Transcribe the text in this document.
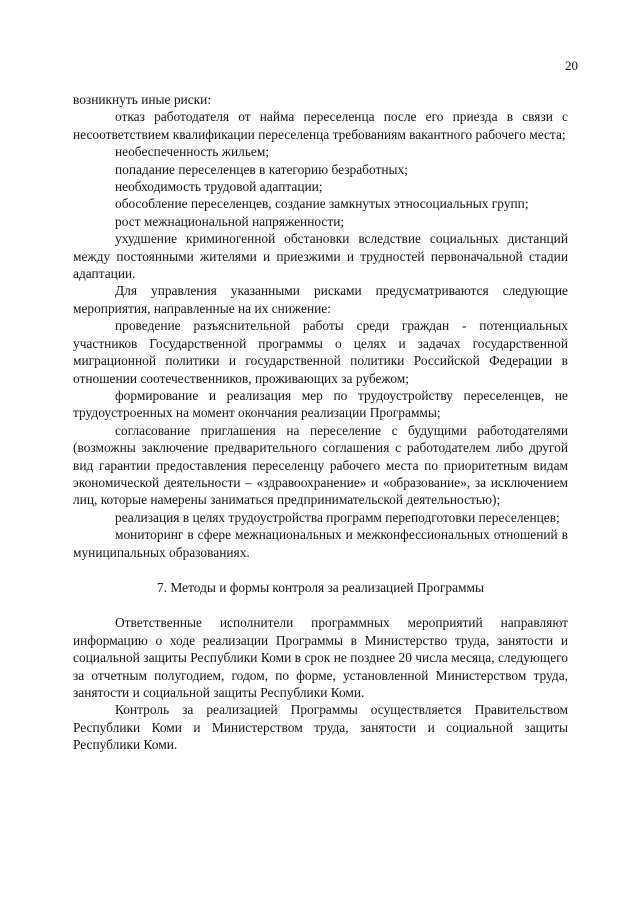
20

возникнуть иные риски:

отказ работодателя от найма переселенца после его приезда в связи с несоответствием квалификации переселенца требованиям вакантного рабочего места;

необеспеченность жильем;

попадание переселенцев в категорию безработных;

необходимость трудовой адаптации;

обособление переселенцев, создание замкнутых этносоциальных групп;

рост межнациональной напряженности;

ухудшение криминогенной обстановки вследствие социальных дистанций между постоянными жителями и приезжими и трудностей первоначальной стадии адаптации.

Для управления указанными рисками предусматриваются следующие мероприятия, направленные на их снижение:

проведение разъяснительной работы среди граждан - потенциальных участников Государственной программы о целях и задачах государственной миграционной политики и государственной политики Российской Федерации в отношении соотечественников, проживающих за рубежом;

формирование и реализация мер по трудоустройству переселенцев, не трудоустроенных на момент окончания реализации Программы;

согласование приглашения на переселение с будущими работодателями (возможны заключение предварительного соглашения с работодателем либо другой вид гарантии предоставления переселенцу рабочего места по приоритетным видам экономической деятельности – «здравоохранение» и «образование», за исключением лиц, которые намерены заниматься предпринимательской деятельностью);

реализация в целях трудоустройства программ переподготовки переселенцев;

мониторинг в сфере межнациональных и межконфессиональных отношений в муниципальных образованиях.

7. Методы и формы контроля за реализацией Программы

Ответственные исполнители программных мероприятий направляют информацию о ходе реализации Программы в Министерство труда, занятости и социальной защиты Республики Коми в срок не позднее 20 числа месяца, следующего за отчетным полугодием, годом, по форме, установленной Министерством труда, занятости и социальной защиты Республики Коми.

Контроль за реализацией Программы осуществляется Правительством Республики Коми и Министерством труда, занятости и социальной защиты Республики Коми.
